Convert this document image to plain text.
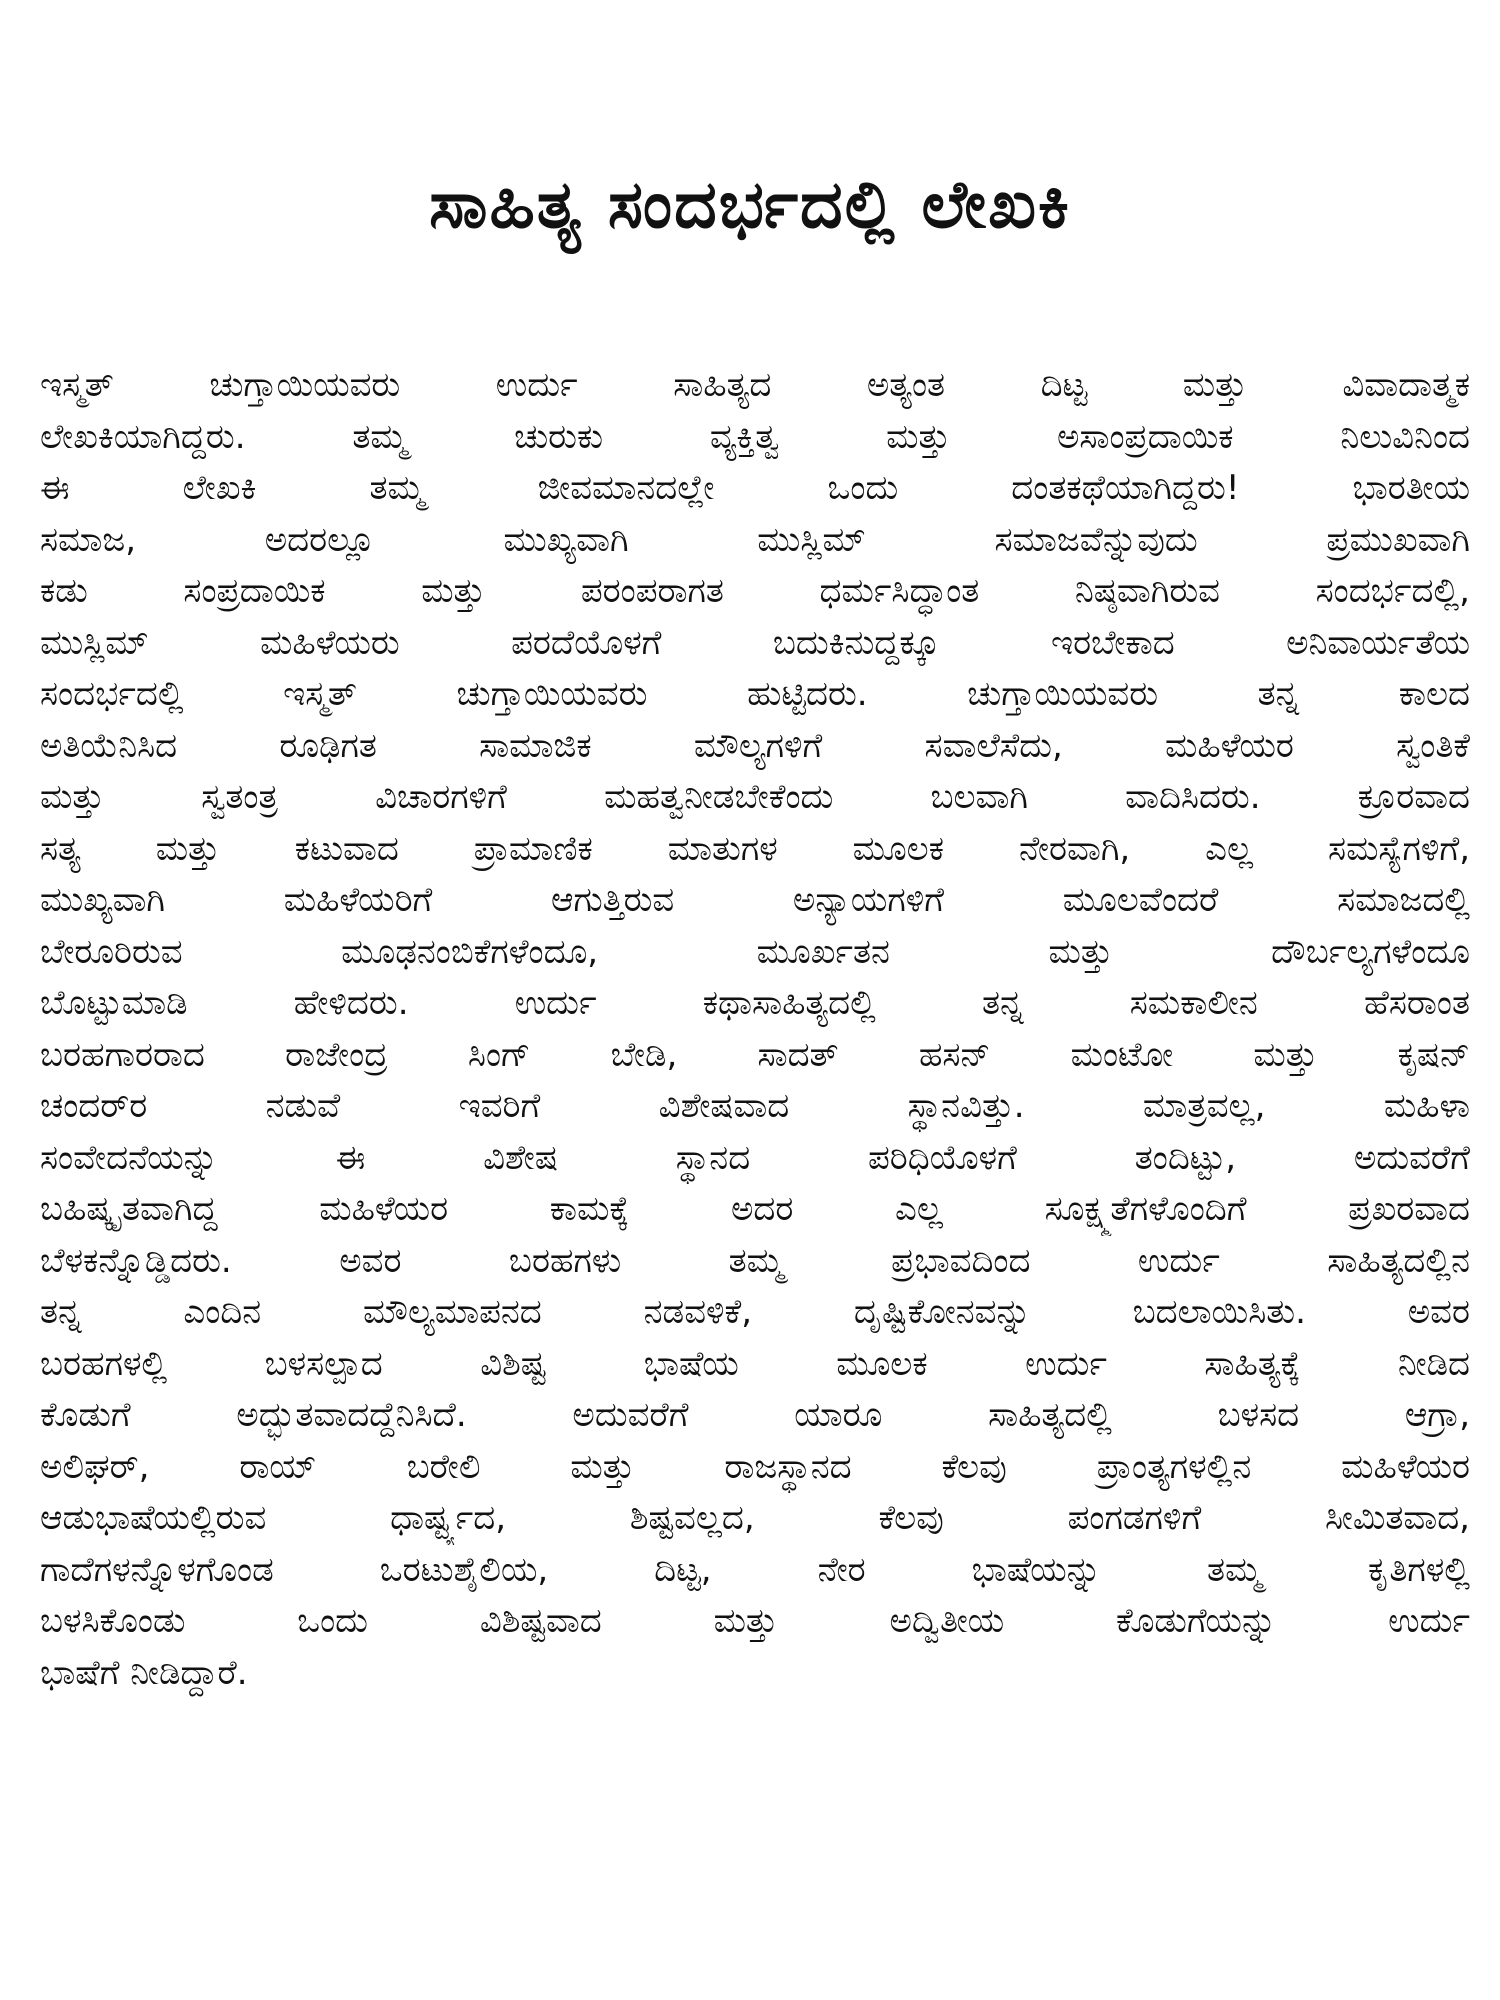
ಸಾಹಿತ್ಯ ಸಂದರ್ಭದಲ್ಲಿ ಲೇಖಕಿ
ಇಸ್ಮತ್ ಚುಗ್ತಾಯಿಯವರು ಉರ್ದು ಸಾಹಿತ್ಯದ ಅತ್ಯಂತ ದಿಟ್ಟ ಮತ್ತು ವಿವಾದಾತ್ಮಕ
ಲೇಖಕಿಯಾಗಿದ್ದರು. ತಮ್ಮ ಚುರುಕು ವ್ಯಕ್ತಿತ್ವ ಮತ್ತು ಅಸಾಂಪ್ರದಾಯಿಕ ನಿಲುವಿನಿಂದ
ಈ ಲೇಖಕಿ ತಮ್ಮ ಜೀವಮಾನದಲ್ಲೇ ಒಂದು ದಂತಕಥೆಯಾಗಿದ್ದರು! ಭಾರತೀಯ
ಸಮಾಜ, ಅದರಲ್ಲೂ ಮುಖ್ಯವಾಗಿ ಮುಸ್ಲಿಮ್ ಸಮಾಜವೆನ್ನುವುದು ಪ್ರಮುಖವಾಗಿ
ಕಡು ಸಂಪ್ರದಾಯಿಕ ಮತ್ತು ಪರಂಪರಾಗತ ಧರ್ಮಸಿದ್ಧಾಂತ ನಿಷ್ಠವಾಗಿರುವ ಸಂದರ್ಭದಲ್ಲಿ,
ಮುಸ್ಲಿಮ್ ಮಹಿಳೆಯರು ಪರದೆಯೊಳಗೆ ಬದುಕಿನುದ್ದಕ್ಕೂ ಇರಬೇಕಾದ ಅನಿವಾರ್ಯತೆಯ
ಸಂದರ್ಭದಲ್ಲಿ ಇಸ್ಮತ್ ಚುಗ್ತಾಯಿಯವರು ಹುಟ್ಟಿದರು. ಚುಗ್ತಾಯಿಯವರು ತನ್ನ ಕಾಲದ
ಅತಿಯೆನಿಸಿದ ರೂಢಿಗತ ಸಾಮಾಜಿಕ ಮೌಲ್ಯಗಳಿಗೆ ಸವಾಲೆಸೆದು, ಮಹಿಳೆಯರ ಸ್ವಂತಿಕೆ
ಮತ್ತು ಸ್ವತಂತ್ರ ವಿಚಾರಗಳಿಗೆ ಮಹತ್ವನೀಡಬೇಕೆಂದು ಬಲವಾಗಿ ವಾದಿಸಿದರು. ಕ್ರೂರವಾದ
ಸತ್ಯ ಮತ್ತು ಕಟುವಾದ ಪ್ರಾಮಾಣಿಕ ಮಾತುಗಳ ಮೂಲಕ ನೇರವಾಗಿ, ಎಲ್ಲ ಸಮಸ್ಯೆಗಳಿಗೆ,
ಮುಖ್ಯವಾಗಿ ಮಹಿಳೆಯರಿಗೆ ಆಗುತ್ತಿರುವ ಅನ್ಯಾಯಗಳಿಗೆ ಮೂಲವೆಂದರೆ ಸಮಾಜದಲ್ಲಿ
ಬೇರೂರಿರುವ ಮೂಢನಂಬಿಕೆಗಳೆಂದೂ, ಮೂರ್ಖತನ ಮತ್ತು ದೌರ್ಬಲ್ಯಗಳೆಂದೂ
ಬೊಟ್ಟುಮಾಡಿ ಹೇಳಿದರು. ಉರ್ದು ಕಥಾಸಾಹಿತ್ಯದಲ್ಲಿ ತನ್ನ ಸಮಕಾಲೀನ ಹೆಸರಾಂತ
ಬರಹಗಾರರಾದ ರಾಜೇಂದ್ರ ಸಿಂಗ್ ಬೇಡಿ, ಸಾದತ್ ಹಸನ್ ಮಂಟೋ ಮತ್ತು ಕೃಷನ್
ಚಂದರ್‌ರ ನಡುವೆ ಇವರಿಗೆ ವಿಶೇಷವಾದ ಸ್ಥಾನವಿತ್ತು. ಮಾತ್ರವಲ್ಲ, ಮಹಿಳಾ
ಸಂವೇದನೆಯನ್ನು ಈ ವಿಶೇಷ ಸ್ಥಾನದ ಪರಿಧಿಯೊಳಗೆ ತಂದಿಟ್ಟು, ಅದುವರೆಗೆ
ಬಹಿಷ್ಕೃತವಾಗಿದ್ದ ಮಹಿಳೆಯರ ಕಾಮಕ್ಕೆ ಅದರ ಎಲ್ಲ ಸೂಕ್ಷ್ಮತೆಗಳೊಂದಿಗೆ ಪ್ರಖರವಾದ
ಬೆಳಕನ್ನೊಡ್ಡಿದರು. ಅವರ ಬರಹಗಳು ತಮ್ಮ ಪ್ರಭಾವದಿಂದ ಉರ್ದು ಸಾಹಿತ್ಯದಲ್ಲಿನ
ತನ್ನ ಎಂದಿನ ಮೌಲ್ಯಮಾಪನದ ನಡವಳಿಕೆ, ದೃಷ್ಟಿಕೋನವನ್ನು ಬದಲಾಯಿಸಿತು. ಅವರ
ಬರಹಗಳಲ್ಲಿ ಬಳಸಲ್ಪಾದ ವಿಶಿಷ್ಟ ಭಾಷೆಯ ಮೂಲಕ ಉರ್ದು ಸಾಹಿತ್ಯಕ್ಕೆ ನೀಡಿದ
ಕೊಡುಗೆ ಅದ್ಭುತವಾದದ್ದೆನಿಸಿದೆ. ಅದುವರೆಗೆ ಯಾರೂ ಸಾಹಿತ್ಯದಲ್ಲಿ ಬಳಸದ ಆಗ್ರಾ,
ಅಲಿಘರ್, ರಾಯ್ ಬರೇಲಿ ಮತ್ತು ರಾಜಸ್ಥಾನದ ಕೆಲವು ಪ್ರಾಂತ್ಯಗಳಲ್ಲಿನ ಮಹಿಳೆಯರ
ಆಡುಭಾಷೆಯಲ್ಲಿರುವ ಧಾರ್ಷ್ಟ್ಯದ, ಶಿಷ್ಟವಲ್ಲದ, ಕೆಲವು ಪಂಗಡಗಳಿಗೆ ಸೀಮಿತವಾದ,
ಗಾದೆಗಳನ್ನೊಳಗೊಂಡ ಒರಟುಶೈಲಿಯ, ದಿಟ್ಟ, ನೇರ ಭಾಷೆಯನ್ನು ತಮ್ಮ ಕೃತಿಗಳಲ್ಲಿ
ಬಳಸಿಕೊಂಡು ಒಂದು ವಿಶಿಷ್ಟವಾದ ಮತ್ತು ಅದ್ವಿತೀಯ ಕೊಡುಗೆಯನ್ನು ಉರ್ದು
ಭಾಷೆಗೆ ನೀಡಿದ್ದಾರೆ.
